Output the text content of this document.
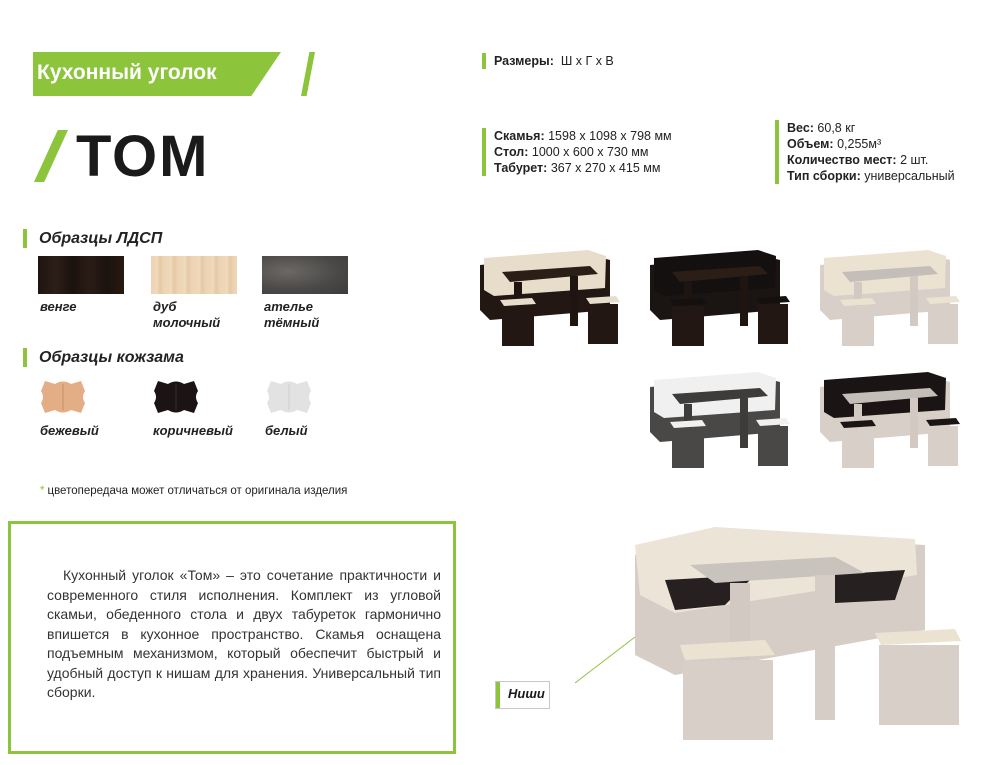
Кухонный уголок
ТОМ
Образцы ЛДСП
венге	дуб
молочный
ателье
тёмный
Образцы кожзама
бежевый	коричневый	белый
* цветопередача может отличаться от оригинала изделия

Кухонный уголок «Том» – это сочетание практичности и современного стиля исполнения. Комплект из угловой скамьи, обеденного стола и двух табуреток гармонично впишется в кухонное пространство. Скамья оснащена подъемным механизмом, который обеспечит быстрый и удобный доступ к нишам для хранения. Универсальный тип сборки.

Размеры: Ш х Г х В
Скамья: 1598 х 1098 х 798 мм
Стол: 1000 х 600 х 730 мм
Табурет: 367 х 270 х 415 мм
Вес: 60,8 кг
Объем: 0,255м³
Количество мест: 2 шт.
Тип сборки: универсальный
Ниши
